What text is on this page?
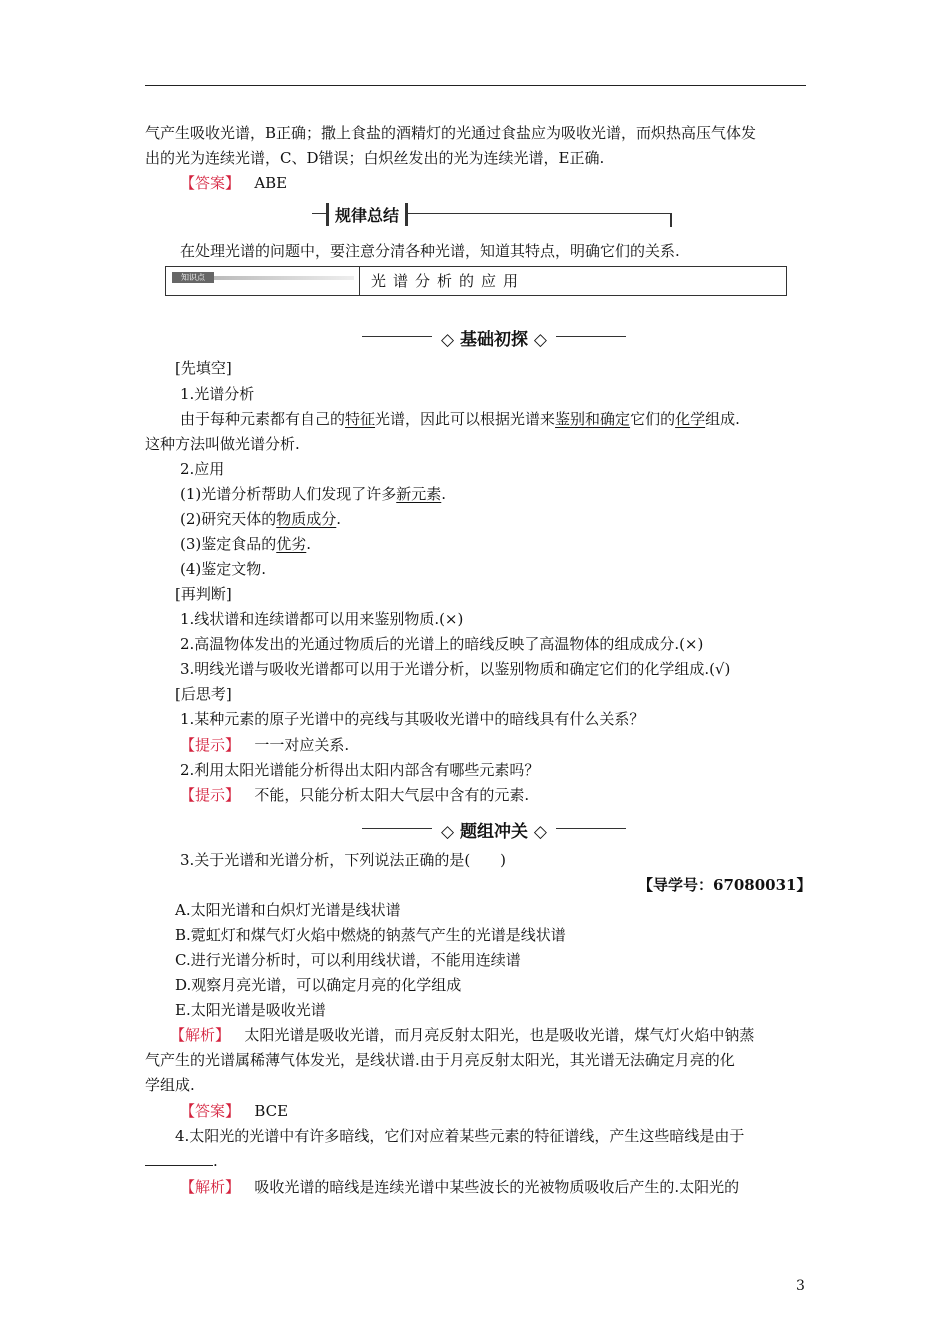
气产生吸收光谱，B正确；撒上食盐的酒精灯的光通过食盐应为吸收光谱，而炽热高压气体发
出的光为连续光谱，C、D错误；白炽丝发出的光为连续光谱，E正确.
【答案】 ABE
规律总结
在处理光谱的问题中，要注意分清各种光谱，知道其特点，明确它们的关系.
知识点	光谱分析的应用
◇ 基础初探 ◇
[先填空]
1.光谱分析
由于每种元素都有自己的特征光谱，因此可以根据光谱来鉴别和确定它们的化学组成.
这种方法叫做光谱分析.
2.应用
(1)光谱分析帮助人们发现了许多新元素.
(2)研究天体的物质成分.
(3)鉴定食品的优劣.
(4)鉴定文物.
[再判断]
1.线状谱和连续谱都可以用来鉴别物质.(×)
2.高温物体发出的光通过物质后的光谱上的暗线反映了高温物体的组成成分.(×)
3.明线光谱与吸收光谱都可以用于光谱分析，以鉴别物质和确定它们的化学组成.(√)
[后思考]
1.某种元素的原子光谱中的亮线与其吸收光谱中的暗线具有什么关系？
【提示】 一一对应关系.
2.利用太阳光谱能分析得出太阳内部含有哪些元素吗？
【提示】 不能，只能分析太阳大气层中含有的元素.
◇ 题组冲关 ◇
3.关于光谱和光谱分析，下列说法正确的是(　　)
【导学号：67080031】
A.太阳光谱和白炽灯光谱是线状谱
B.霓虹灯和煤气灯火焰中燃烧的钠蒸气产生的光谱是线状谱
C.进行光谱分析时，可以利用线状谱，不能用连续谱
D.观察月亮光谱，可以确定月亮的化学组成
E.太阳光谱是吸收光谱
【解析】 太阳光谱是吸收光谱，而月亮反射太阳光，也是吸收光谱，煤气灯火焰中钠蒸
气产生的光谱属稀薄气体发光，是线状谱.由于月亮反射太阳光，其光谱无法确定月亮的化
学组成.
【答案】 BCE
4.太阳光的光谱中有许多暗线，它们对应着某些元素的特征谱线，产生这些暗线是由于
.
【解析】 吸收光谱的暗线是连续光谱中某些波长的光被物质吸收后产生的.太阳光的
3
